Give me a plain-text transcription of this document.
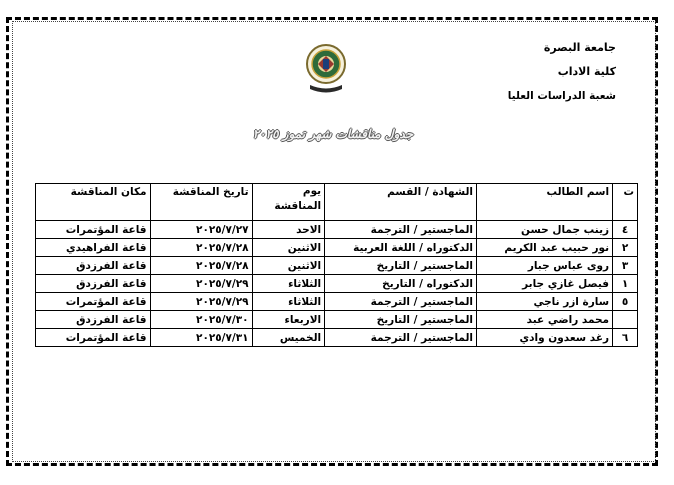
جامعة البصرة
كلية الاداب
شعبة الدراسات العليا
جدول مناقشات شهر تموز ٢٠٢٥
ت	اسم الطالب	الشهادة / القسم	يوم المناقشة	تاريخ المناقشة	مكان المناقشة
٤	زينب جمال حسن	الماجستير / الترجمة	الاحد	٢٠٢٥/٧/٢٧	قاعة المؤتمرات
٢	نور حبيب عبد الكريم	الدكتوراه / اللغة العربية	الاثنين	٢٠٢٥/٧/٢٨	قاعة الفراهيدي
٣	روى عباس جبار	الماجستير / التاريخ	الاثنين	٢٠٢٥/٧/٢٨	قاعة الفرزدق
١	فيصل غازي جابر	الدكتوراه / التاريخ	الثلاثاء	٢٠٢٥/٧/٢٩	قاعة الفرزدق
٥	سارة ازر ناجي	الماجستير / الترجمة	الثلاثاء	٢٠٢٥/٧/٢٩	قاعة المؤتمرات
	محمد راضي عبد	الماجستير / التاريخ	الاربعاء	٢٠٢٥/٧/٣٠	قاعة الفرزدق
٦	رغد سعدون وادي	الماجستير / الترجمة	الخميس	٢٠٢٥/٧/٣١	قاعة المؤتمرات
